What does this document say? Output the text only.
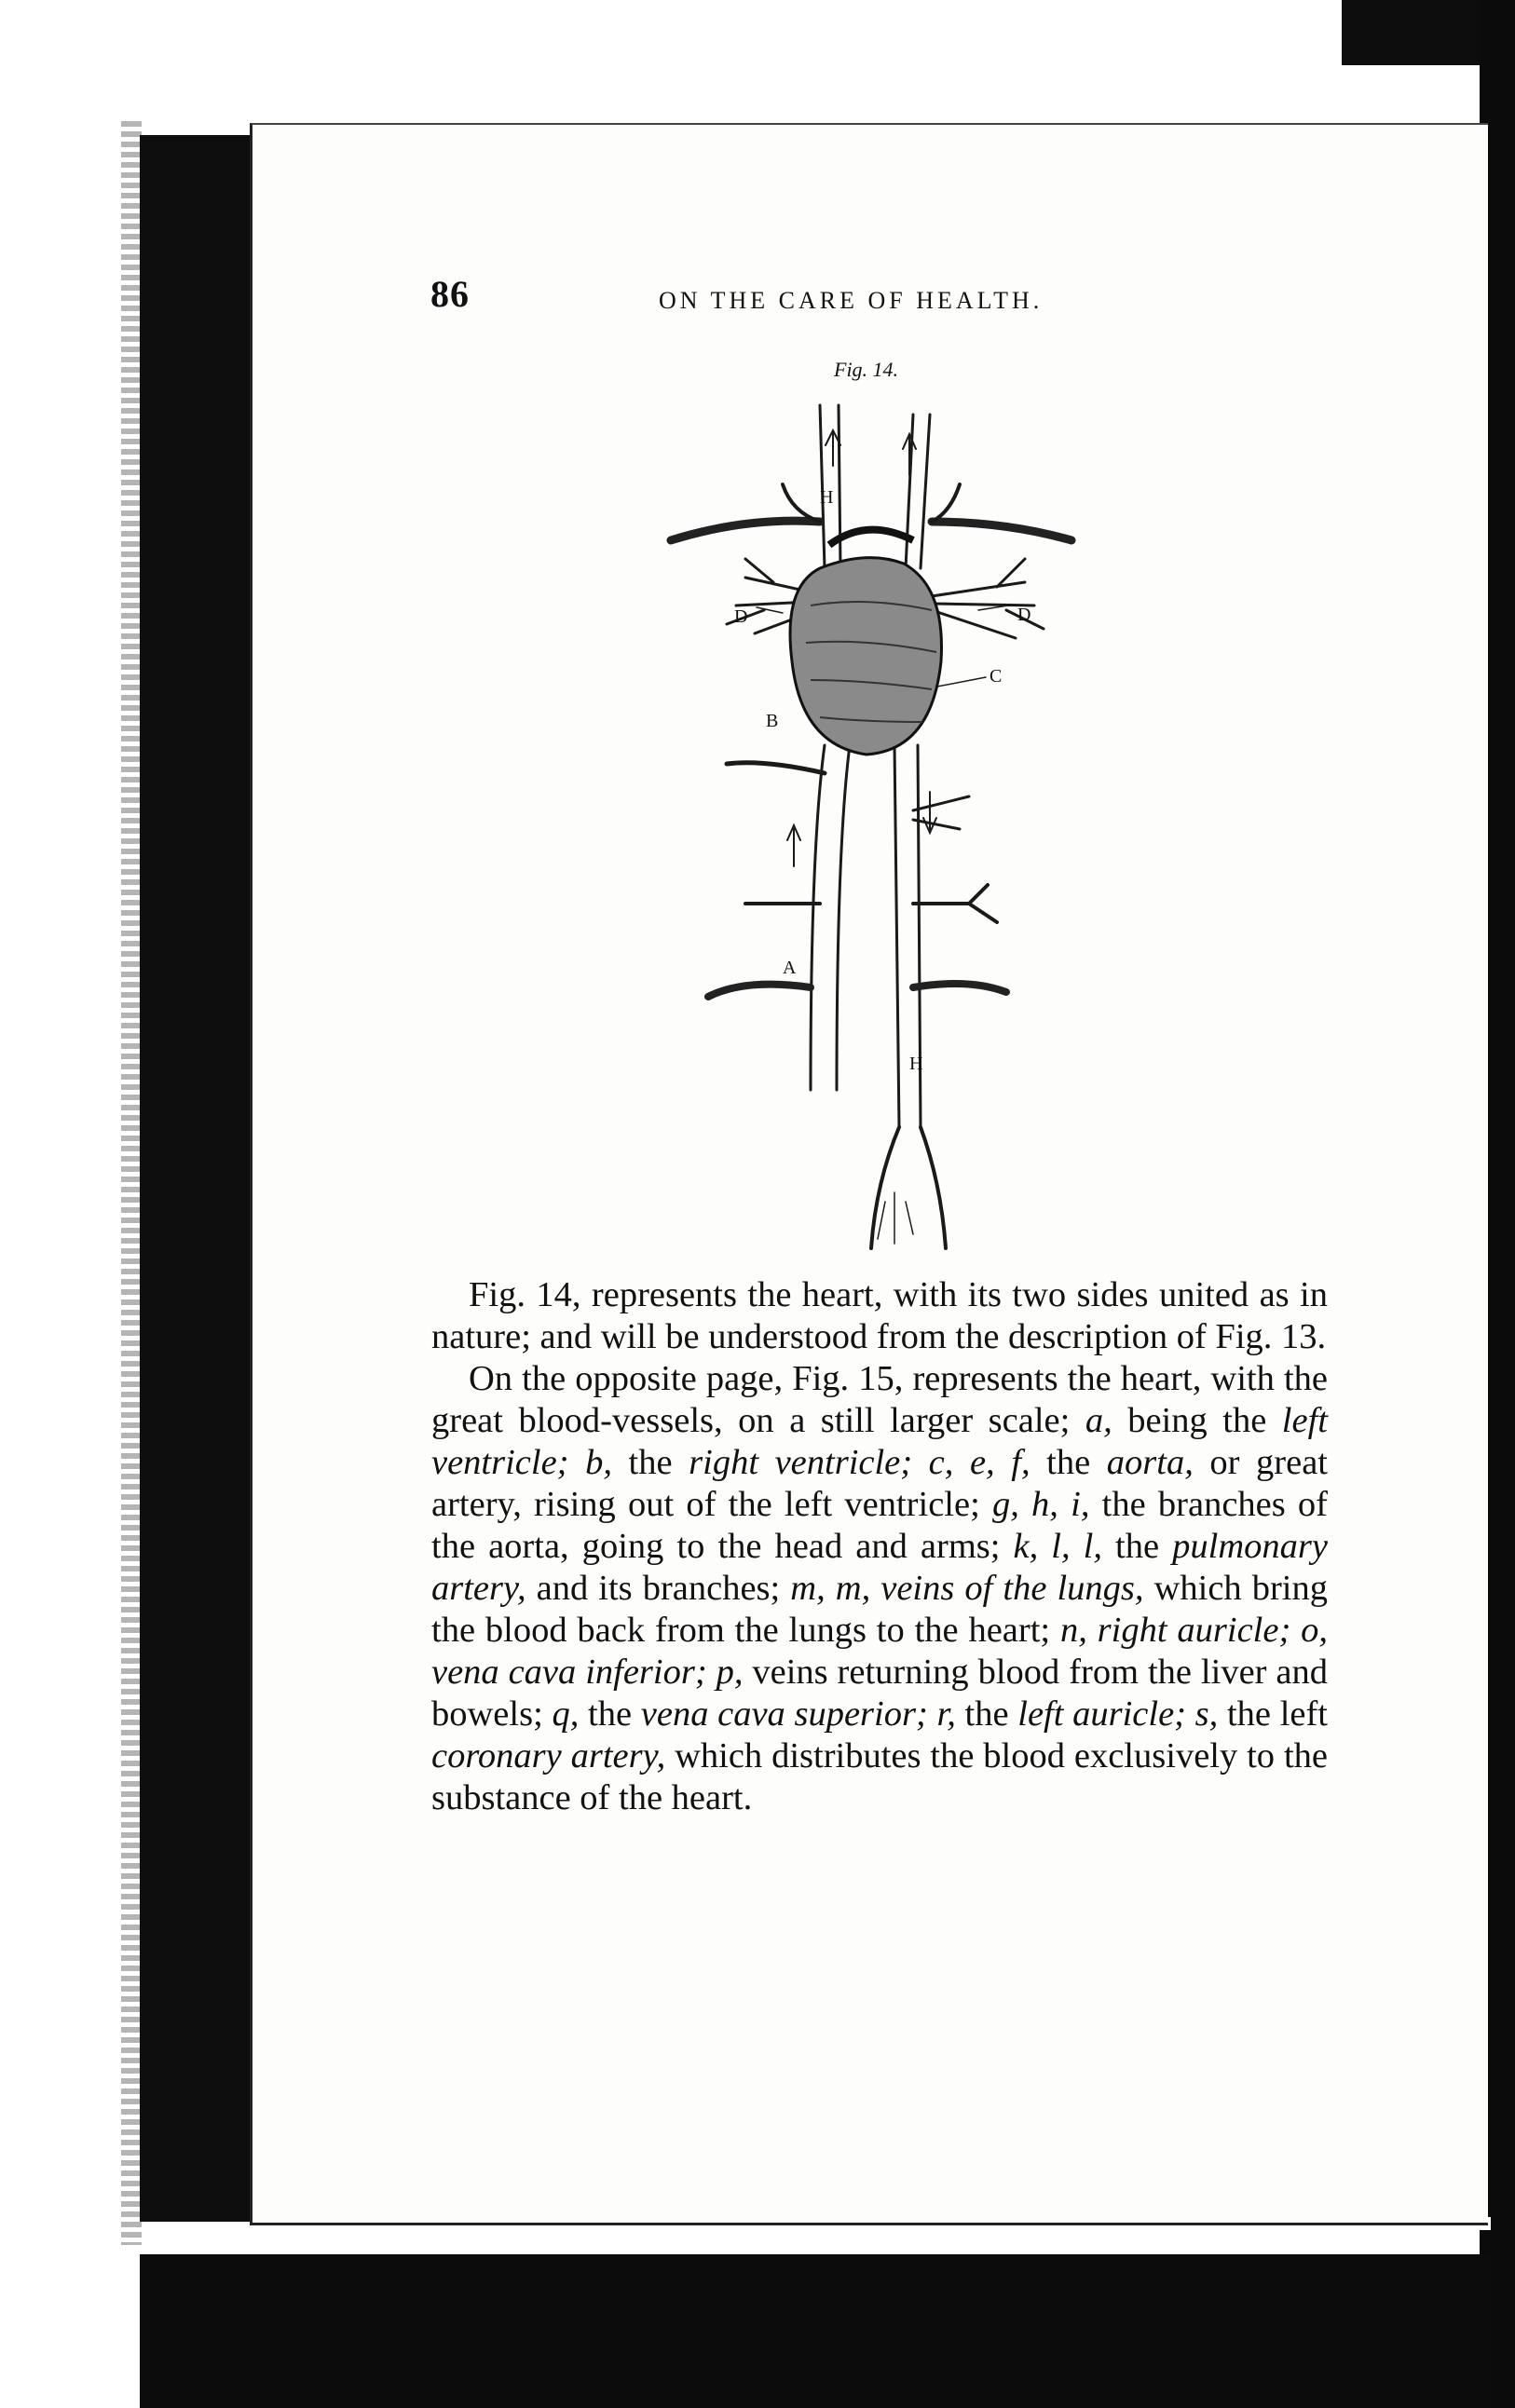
86	ON THE CARE OF HEALTH.
Fig. 14.
H
D	D
C
B
A
H

Fig. 14, represents the heart, with its two sides united as in nature; and will be understood from the description of Fig. 13.

On the opposite page, Fig. 15, represents the heart, with the great blood-vessels, on a still larger scale; a, being the left ventricle; b, the right ventricle; c, e, f, the aorta, or great artery, rising out of the left ventricle; g, h, i, the branches of the aorta, going to the head and arms; k, l, l, the pulmonary artery, and its branches; m, m, veins of the lungs, which bring the blood back from the lungs to the heart; n, right auricle; o, vena cava inferior; p, veins returning blood from the liver and bowels; q, the vena cava superior; r, the left auricle; s, the left coronary artery, which distributes the blood exclusively to the substance of the heart.
